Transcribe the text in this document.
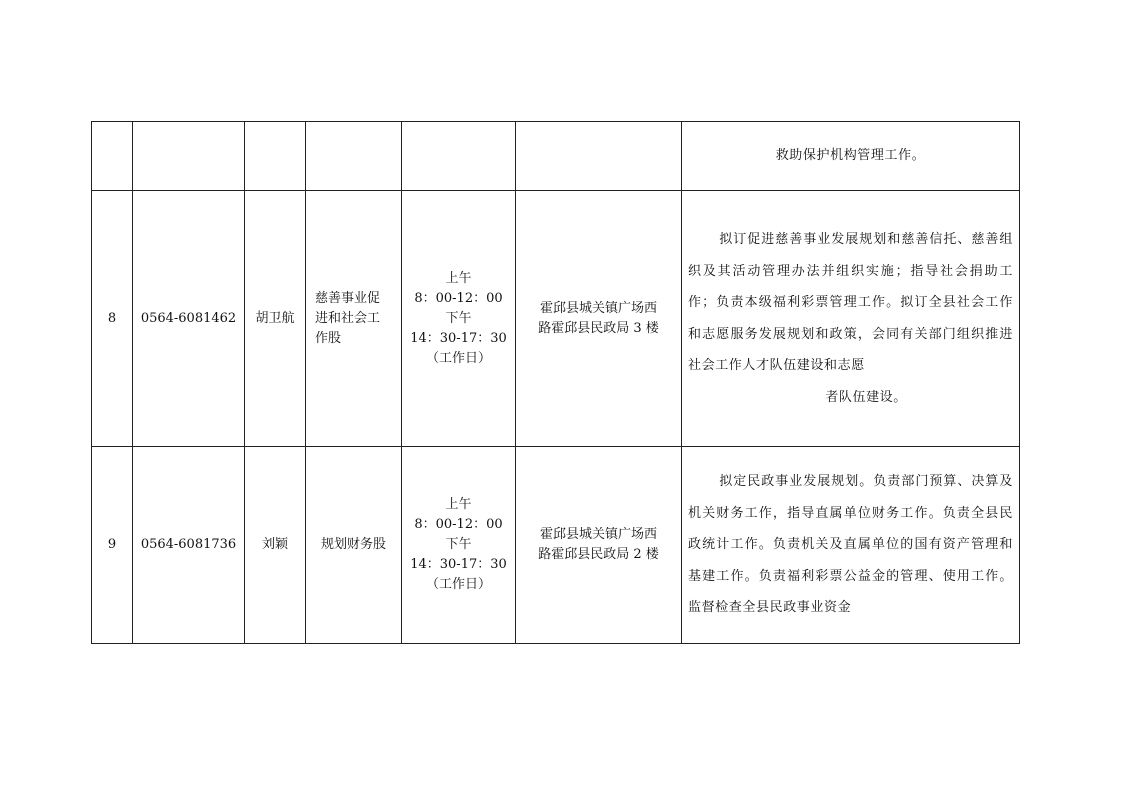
						救助保护机构管理工作。

8	0564-6081462	胡卫航	慈善事业促
进和社会工
作股	上午
8：00-12：00
下午
14：30-17：30
（工作日）	霍邱县城关镇广场西
路霍邱县民政局 3 楼	拟订促进慈善事业发展规划和慈善信托、慈善组织及其活动管理办法并组织实施；指导社会捐助工作；负责本级福利彩票管理工作。拟订全县社会工作和志愿服务发展规划和政策，会同有关部门组织推进社会工作人才队伍建设和志愿
者队伍建设。

9	0564-6081736	刘颖	规划财务股	上午
8：00-12：00
下午
14：30-17：30
（工作日）	霍邱县城关镇广场西
路霍邱县民政局 2 楼	拟定民政事业发展规划。负责部门预算、决算及机关财务工作，指导直属单位财务工作。负责全县民政统计工作。负责机关及直属单位的国有资产管理和基建工作。负责福利彩票公益金的管理、使用工作。监督检查全县民政事业资金
